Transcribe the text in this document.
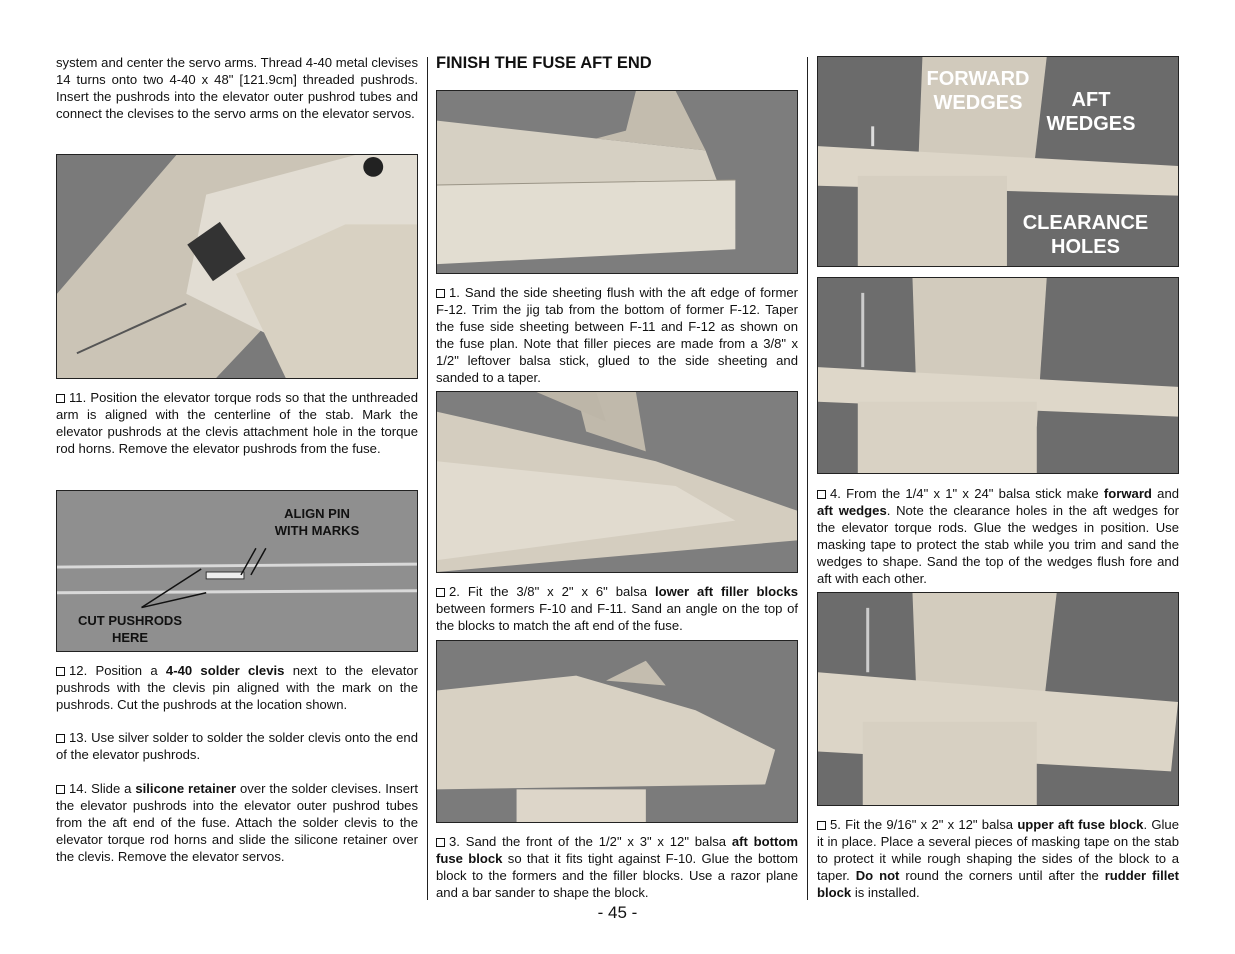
system and center the servo arms. Thread 4-40 metal clevises 14 turns onto two 4-40 x 48" [121.9cm] threaded pushrods. Insert the pushrods into the elevator outer pushrod tubes and connect the clevises to the servo arms on the elevator servos.

11. Position the elevator torque rods so that the unthreaded arm is aligned with the centerline of the stab. Mark the elevator pushrods at the clevis attachment hole in the torque rod horns. Remove the elevator pushrods from the fuse.

ALIGN PIN
WITH MARKS
CUT PUSHRODS
HERE

12. Position a 4-40 solder clevis next to the elevator pushrods with the clevis pin aligned with the mark on the pushrods. Cut the pushrods at the location shown.

13. Use silver solder to solder the solder clevis onto the end of the elevator pushrods.

14. Slide a silicone retainer over the solder clevises. Insert the elevator pushrods into the elevator outer pushrod tubes from the aft end of the fuse. Attach the solder clevis to the elevator torque rod horns and slide the silicone retainer over the clevis. Remove the elevator servos.

FINISH THE FUSE AFT END

1. Sand the side sheeting flush with the aft edge of former F-12. Trim the jig tab from the bottom of former F-12. Taper the fuse side sheeting between F-11 and F-12 as shown on the fuse plan. Note that filler pieces are made from a 3/8" x 1/2" leftover balsa stick, glued to the side sheeting and sanded to a taper.

2. Fit the 3/8" x 2" x 6" balsa lower aft filler blocks between formers F-10 and F-11. Sand an angle on the top of the blocks to match the aft end of the fuse.

3. Sand the front of the 1/2" x 3" x 12" balsa aft bottom fuse block so that it fits tight against F-10. Glue the bottom block to the formers and the filler blocks. Use a razor plane and a bar sander to shape the block.

FORWARD
WEDGES	AFT
WEDGES
CLEARANCE
HOLES

4. From the 1/4" x 1" x 24" balsa stick make forward and aft wedges. Note the clearance holes in the aft wedges for the elevator torque rods. Glue the wedges in position. Use masking tape to protect the stab while you trim and sand the wedges to shape. Sand the top of the wedges flush fore and aft with each other.

5. Fit the 9/16" x 2" x 12" balsa upper aft fuse block. Glue it in place. Place a several pieces of masking tape on the stab to protect it while rough shaping the sides of the block to a taper. Do not round the corners until after the rudder fillet block is installed.

- 45 -
